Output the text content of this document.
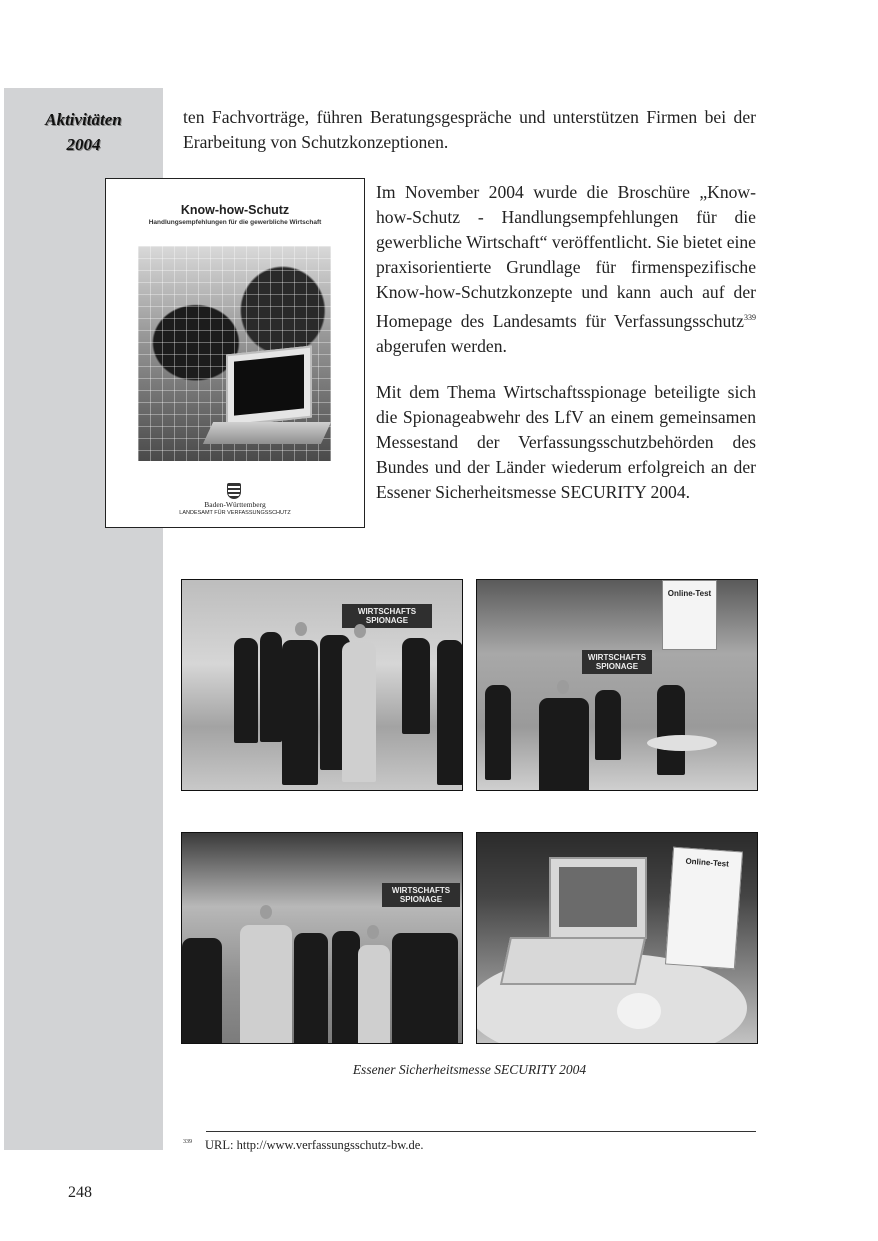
Aktivitäten
2004
ten Fachvorträge, führen Beratungsgespräche und unterstützen Firmen bei der Erarbeitung von Schutzkonzeptionen.
Im November 2004 wurde die Broschüre „Know-how-Schutz - Handlungsempfehlungen für die gewerbliche Wirtschaft“ veröffentlicht. Sie bietet eine praxisorientierte Grundlage für firmenspezifische Know-how-Schutzkonzepte und kann auch auf der Homepage des Landesamts für Verfassungsschutz$^{339}$ abgerufen werden.
Mit dem Thema Wirtschaftsspionage beteiligte sich die Spionageabwehr des LfV an einem gemeinsamen Messestand der Verfassungsschutzbehörden des Bundes und der Länder wiederum erfolgreich an der Essener Sicherheitsmesse SECURITY 2004.
Know-how-Schutz
Handlungsempfehlungen für die gewerbliche Wirtschaft
Baden-Württemberg
LANDESAMT FÜR VERFASSUNGSSCHUTZ
WIRTSCHAFTS SPIONAGE
WIRTSCHAFTS SPIONAGE
Online-Test
WIRTSCHAFTS SPIONAGE
Online-Test
Essener Sicherheitsmesse SECURITY 2004
$^{339}$ URL: http://www.verfassungsschutz-bw.de.
248
